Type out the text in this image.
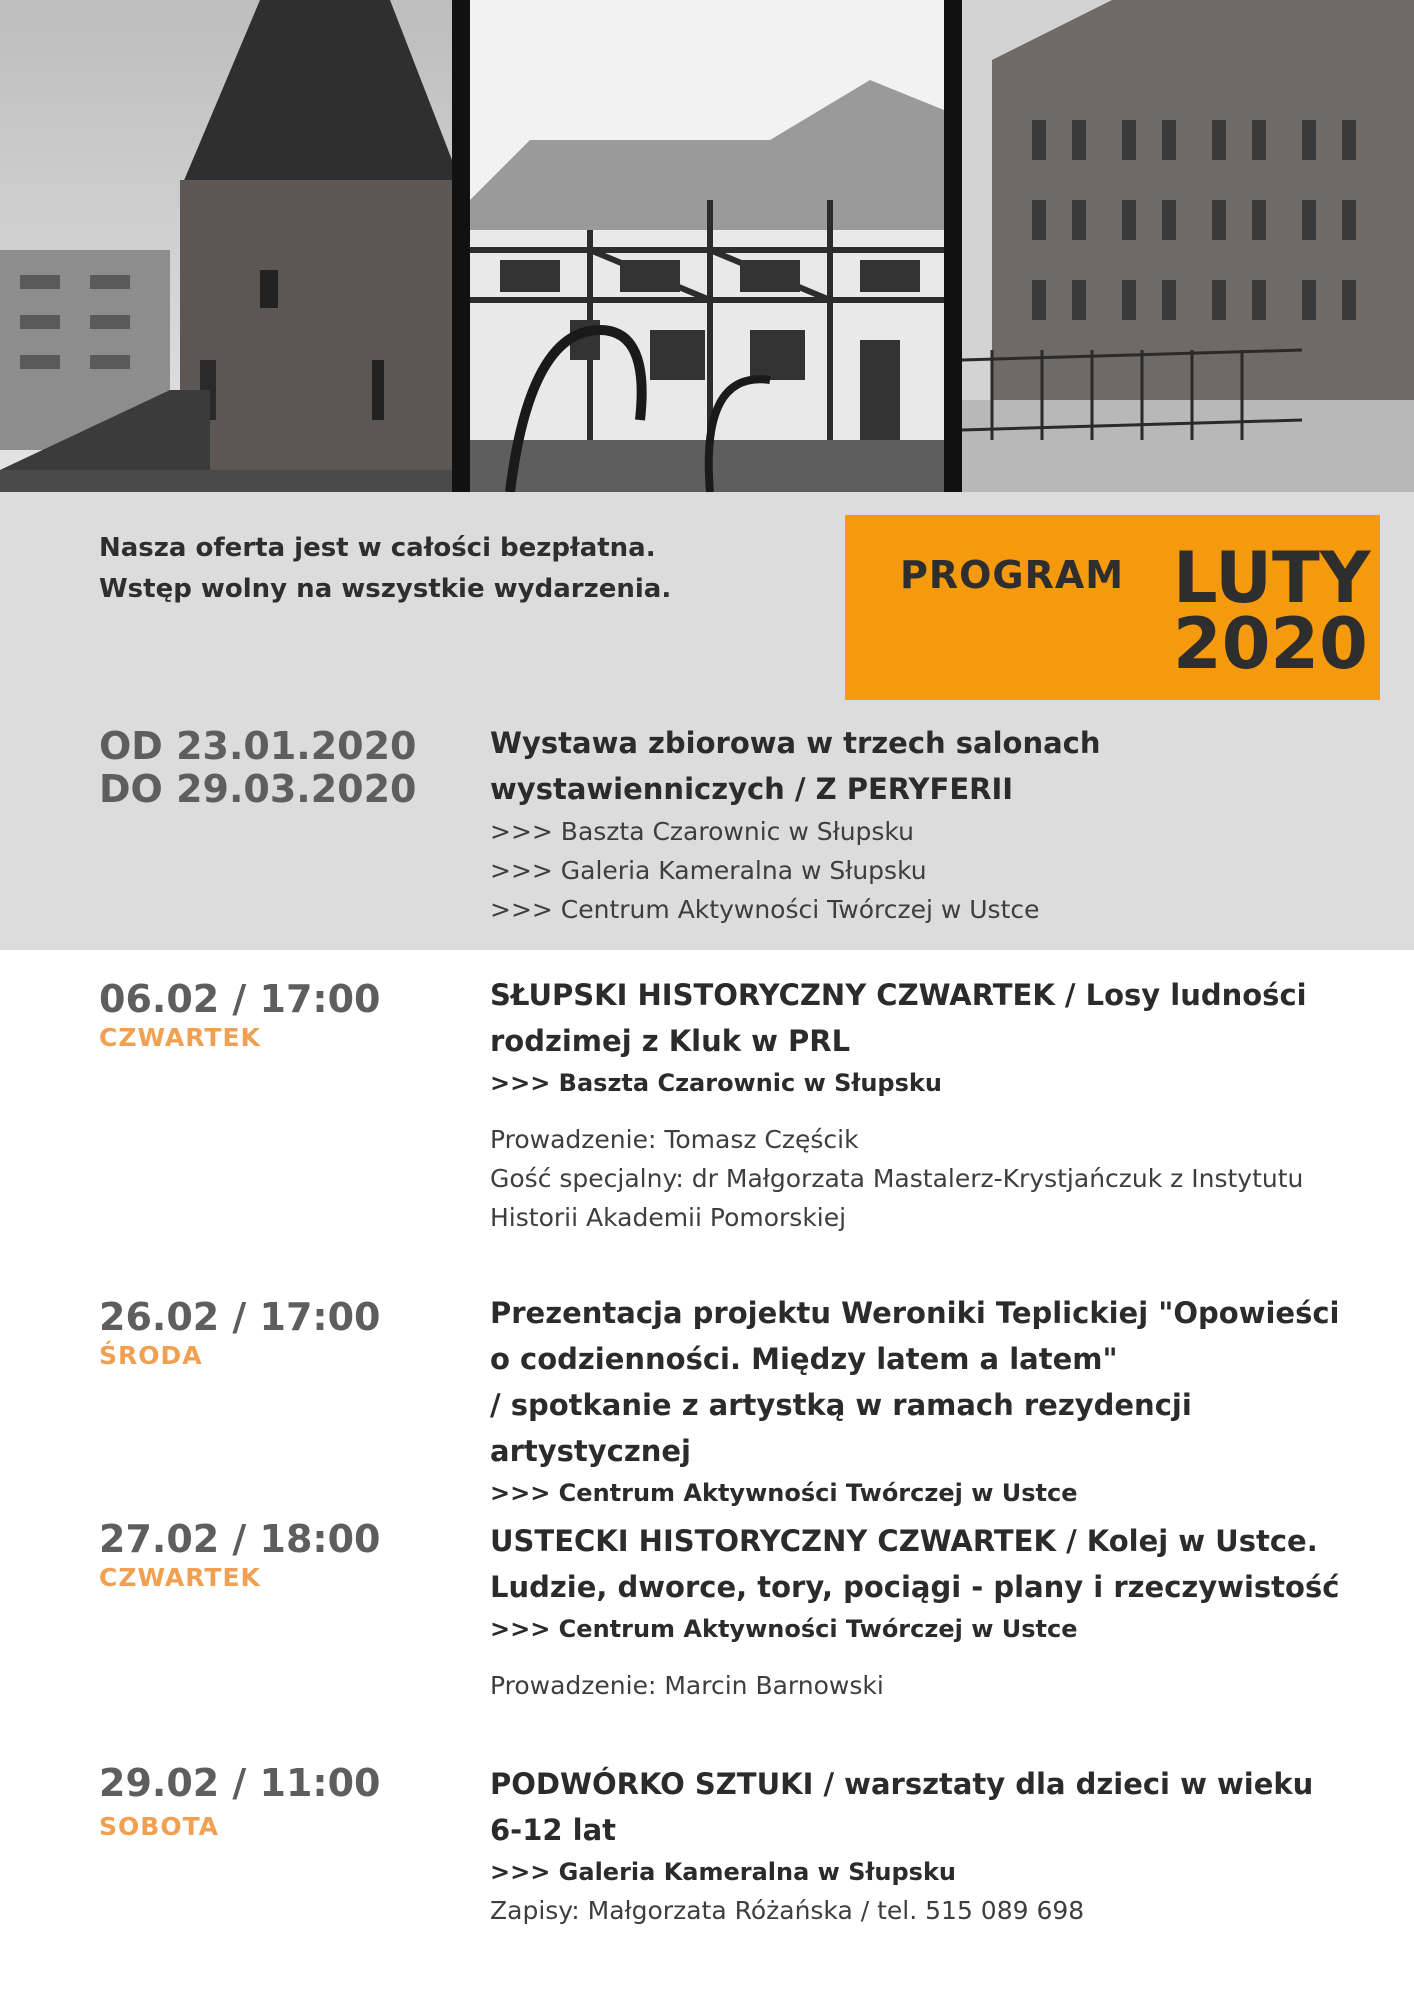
Nasza oferta jest w całości bezpłatna.
Wstęp wolny na wszystkie wydarzenia.	PROGRAM LUTY
2020
OD 23.01.2020
DO 29.03.2020
Wystawa zbiorowa w trzech salonach
wystawienniczych / Z PERYFERII
>>> Baszta Czarownic w Słupsku
>>> Galeria Kameralna w Słupsku
>>> Centrum Aktywności Twórczej w Ustce
06.02 / 17:00
CZWARTEK
SŁUPSKI HISTORYCZNY CZWARTEK / Losy ludności
rodzimej z Kluk w PRL
>>> Baszta Czarownic w Słupsku
Prowadzenie: Tomasz Częścik
Gość specjalny: dr Małgorzata Mastalerz-Krystjańczuk z Instytutu
Historii Akademii Pomorskiej
26.02 / 17:00
ŚRODA
Prezentacja projektu Weroniki Teplickiej "Opowieści
o codzienności. Między latem a latem"
/ spotkanie z artystką w ramach rezydencji artystycznej
>>> Centrum Aktywności Twórczej w Ustce
27.02 / 18:00
CZWARTEK
USTECKI HISTORYCZNY CZWARTEK / Kolej w Ustce.
Ludzie, dworce, tory, pociągi - plany i rzeczywistość
>>> Centrum Aktywności Twórczej w Ustce
Prowadzenie: Marcin Barnowski
29.02 / 11:00
SOBOTA
PODWÓRKO SZTUKI / warsztaty dla dzieci w wieku
6-12 lat
>>> Galeria Kameralna w Słupsku
Zapisy: Małgorzata Różańska / tel. 515 089 698
